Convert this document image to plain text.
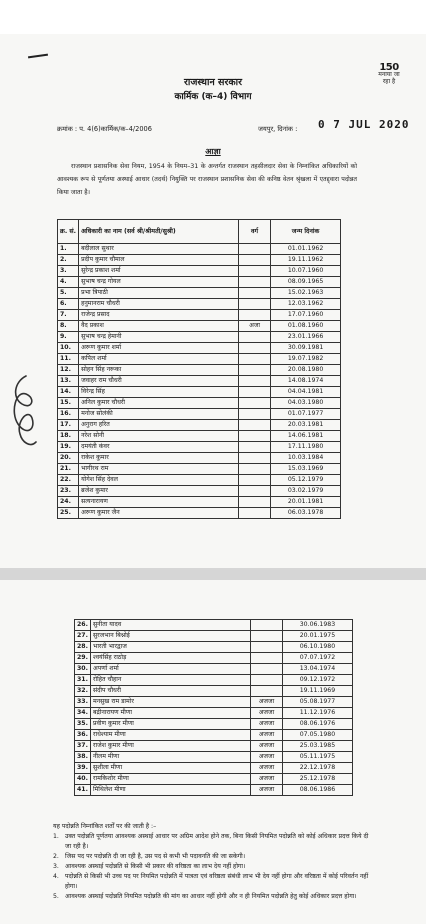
150
मनाया जा रहा है
राजस्थान सरकार
कार्मिक (क–4) विभाग
क्रमांक : प. 4(6)कार्मिक/क–4/2006	जयपुर, दिनांक : 0 7 JUL 2020
आज्ञा
राजस्थान प्रशासनिक सेवा नियम, 1954 के नियम–31 के अन्तर्गत राजस्थान तहसीलदार सेवा के निम्नांकित अधिकारियों को आवश्यक रूप से पूर्णतया अस्थाई आधार (तदर्थ) नियुक्ति पर राजस्थान प्रशासनिक सेवा की कनिष्ठ वेतन श्रृंखला में एतद्द्वारा पदोन्नत किया जाता है।
क्र. सं.	अधिकारी का नाम (सर्व श्री/श्रीमती/सुश्री)	वर्ग	जन्म दिनांक
1.	बदीलाल सुथार		01.01.1962
2.	प्रदीप कुमार चौमाल		19.11.1962
3.	सुरेन्द्र प्रकाश शर्मा		10.07.1960
4.	सुभाष चन्द्र गोयल		08.09.1965
5.	प्रभा त्रिपाठी		15.02.1963
6.	हनुमानराम चौधरी		12.03.1962
7.	राजेन्द्र प्रसाद		17.07.1960
8.	वैद प्रकाश	अजा	01.08.1960
9.	सुभाष चन्द्र हेमानी		23.01.1966
10.	अरूण कुमार शर्मा		30.09.1981
11.	कपिल शर्मा		19.07.1982
12.	सोहन सिंह नरूका		20.08.1980
13.	जवाहर राम चौधरी		14.08.1974
14.	विरेन्द्र सिंह		04.04.1981
15.	अनिल कुमार चौधरी		04.03.1980
16.	मनोज सोलंकी		01.07.1977
17.	अनुराग हरित		20.03.1981
18.	नरेश सोनी		14.06.1981
19.	दमयंती कंवर		17.11.1980
20.	राकेश कुमार		10.03.1984
21.	भागीरथ राम		15.03.1969
22.	योगेश सिंह देवल		05.12.1979
23.	ब्रजेश कुमार		03.02.1979
24.	सत्यनारायण		20.01.1981
25.	अरूण कुमार जैन		06.03.1978
26.	सुनीता यादव		30.06.1983
27.	सुरजभान बिश्नोई		20.01.1975
28.	भारती भारद्वाज		06.10.1980
29.	श्वयंसिंह राठोड़		07.07.1972
30.	अपर्णा शर्मा		13.04.1974
31.	रोहित चौहान		09.12.1972
32.	संदीप चौधरी		19.11.1969
33.	मनसुख राम डामोर	अजजा	05.08.1977
34.	बद्रीनारायण मीणा	अजजा	11.12.1976
35.	प्रवीण कुमार मीणा	अजजा	08.06.1976
36.	राधेश्याम मीणा	अजजा	07.05.1980
37.	राजेश कुमार मीणा	अजजा	25.03.1985
38.	नीलम मीणा	अजजा	05.11.1975
39.	सुशीला मीणा	अजजा	22.12.1978
40.	रामकिशोर मीणा	अजजा	25.12.1978
41.	मिथिलेश मीणा	अजजा	08.06.1986
यह पदोन्नति निम्नांकित शर्तों पर की जाती है :–
1. उक्त पदोन्नति पूर्णतया आवश्यक अस्थाई आधार पर अग्रिम आदेश होने तक, बिना किसी नियमित पदोन्नति को कोई अधिकार प्रदत्त किये दी जा रही है।
2. जिस पद पर पदोन्नति दी जा रही है, उस पद से कभी भी पदावनति की जा सकेगी।
3. आवश्यक अस्थाई पदोन्नति से किसी भी प्रकार की वरिष्ठता का लाभ देय नहीं होगा।
4. पदोन्नति से किसी भी उच्च पद पर नियमित पदोन्नति में पात्रता एवं वरिष्ठता संबंधी लाभ भी देय नहीं होगा और वरिष्ठता में कोई परिवर्तन नहीं होगा।
5. आवश्यक अस्थाई पदोन्नति नियमित पदोन्नति की मांग का आधार नहीं होगी और न ही नियमित पदोन्नति हेतु कोई अधिकार प्रदत्त होगा।
